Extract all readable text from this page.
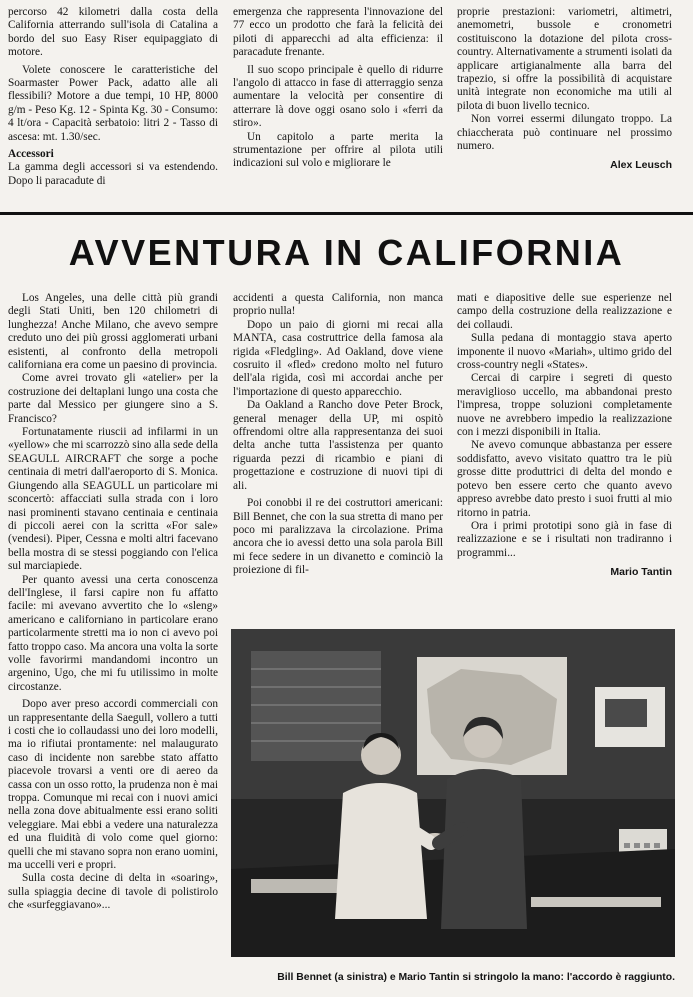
percorso 42 kilometri dalla costa della California atterrando sull'isola di Catalina a bordo del suo Easy Riser equipaggiato di motore.

Volete conoscere le caratteristiche del Soarmaster Power Pack, adatto alle ali flessibili? Motore a due tempi, 10 HP, 8000 g/m - Peso Kg. 12 - Spinta Kg. 30 - Consumo: 4 lt/ora - Capacità serbatoio: litri 2 - Tasso di ascesa: mt. 1.30/sec.

Accessori

La gamma degli accessori si va estendendo. Dopo li paracadute di

emergenza che rappresenta l'innovazione del 77 ecco un prodotto che farà la felicità dei piloti di apparecchi ad alta efficienza: il paracadute frenante.

Il suo scopo principale è quello di ridurre l'angolo di attacco in fase di atterraggio senza aumentare la velocità per consentire di atterrare là dove oggi osano solo i «ferri da stiro».

Un capitolo a parte merita la strumentazione per offrire al pilota utili indicazioni sul volo e migliorare le

proprie prestazioni: variometri, altimetri, anemometri, bussole e cronometri costituiscono la dotazione del pilota cross-country. Alternativamente a strumenti isolati da applicare artigianalmente alla barra del trapezio, si offre la possibilità di acquistare unità integrate non economiche ma utili al pilota di buon livello tecnico.

Non vorrei essermi dilungato troppo. La chiaccherata può continuare nel prossimo numero.

Alex Leusch
AVVENTURA IN CALIFORNIA

Los Angeles, una delle città più grandi degli Stati Uniti, ben 120 chilometri di lunghezza! Anche Milano, che avevo sempre creduto uno dei più grossi agglomerati urbani esistenti, al confronto della metropoli californiana era come un paesino di provincia.

Come avrei trovato gli «atelier» per la costruzione dei deltaplani lungo una costa che parte dal Messico per giungere sino a S. Francisco?

Fortunatamente riuscii ad infilarmi in un «yellow» che mi scarrozzò sino alla sede della SEAGULL AIRCRAFT che sorge a poche centinaia di metri dall'aeroporto di S. Monica. Giungendo alla SEAGULL un particolare mi sconcertò: affacciati sulla strada con i loro nasi prominenti stavano centinaia e centinaia di piccoli aerei con la scritta «For sale» (vendesi). Piper, Cessna e molti altri facevano bella mostra di se stessi poggiando con l'elica sul marciapiede.

Per quanto avessi una certa conoscenza dell'Inglese, il farsi capire non fu affatto facile: mi avevano avvertito che lo «sleng» americano e californiano in particolare erano particolarmente stretti ma io non ci avevo poi fatto troppo caso. Ma ancora una volta la sorte volle favorirmi mandandomi incontro un argenino, Ugo, che mi fu utilissimo in molte circostanze.

Dopo aver preso accordi commerciali con un rappresentante della Saegull, vollero a tutti i costi che io collaudassi uno dei loro modelli, ma io rifiutai prontamente: nel malaugurato caso di incidente non sarebbe stato affatto piacevole trovarsi a venti ore di aereo da cassa con un osso rotto, la prudenza non è mai troppa. Comunque mi recai con i nuovi amici nella zona dove abitualmente essi erano soliti veleggiare. Mai ebbi a vedere una naturalezza ed una fluidità di volo come quel giorno: quelli che mi stavano sopra non erano uomini, ma uccelli veri e propri.

Sulla costa decine di delta in «soaring», sulla spiaggia decine di tavole di polistirolo che «surfeggiavano»...

accidenti a questa California, non manca proprio nulla!

Dopo un paio di giorni mi recai alla MANTA, casa costruttrice della famosa ala rigida «Fledgling». Ad Oakland, dove viene cosruito il «fled» credono molto nel futuro dell'ala rigida, così mi accordai anche per l'importazione di questo apparecchio.

Da Oakland a Rancho dove Peter Brock, general menager della UP, mi ospitò offrendomi oltre alla rappresentanza dei suoi delta anche tutta l'assistenza per quanto riguarda pezzi di ricambio e piani di progettazione e costruzione di nuovi tipi di ali.

Poi conobbi il re dei costruttori americani: Bill Bennet, che con la sua stretta di mano per poco mi paralizzava la circolazione. Prima ancora che io avessi detto una sola parola Bill mi fece sedere in un divanetto e cominciò la proiezione di fil-

mati e diapositive delle sue esperienze nel campo della costruzione della realizzazione e dei collaudi.

Sulla pedana di montaggio stava aperto imponente il nuovo «Mariah», ultimo grido del cross-country negli «States».

Cercai di carpire i segreti di questo meraviglioso uccello, ma abbandonai presto l'impresa, troppe soluzioni completamente nuove ne avrebbero impedio la realizzazione con i mezzi disponibili in Italia.

Ne avevo comunque abbastanza per essere soddisfatto, avevo visitato quattro tra le più grosse ditte produttrici di delta del mondo e potevo ben essere certo che quanto avevo appreso avrebbe dato presto i suoi frutti al mio ritorno in patria.

Ora i primi prototipi sono già in fase di realizzazione e se i risultati non tradiranno i programmi...

Mario Tantin
Bill Bennet (a sinistra) e Mario Tantin si stringolo la mano: l'accordo è raggiunto.
